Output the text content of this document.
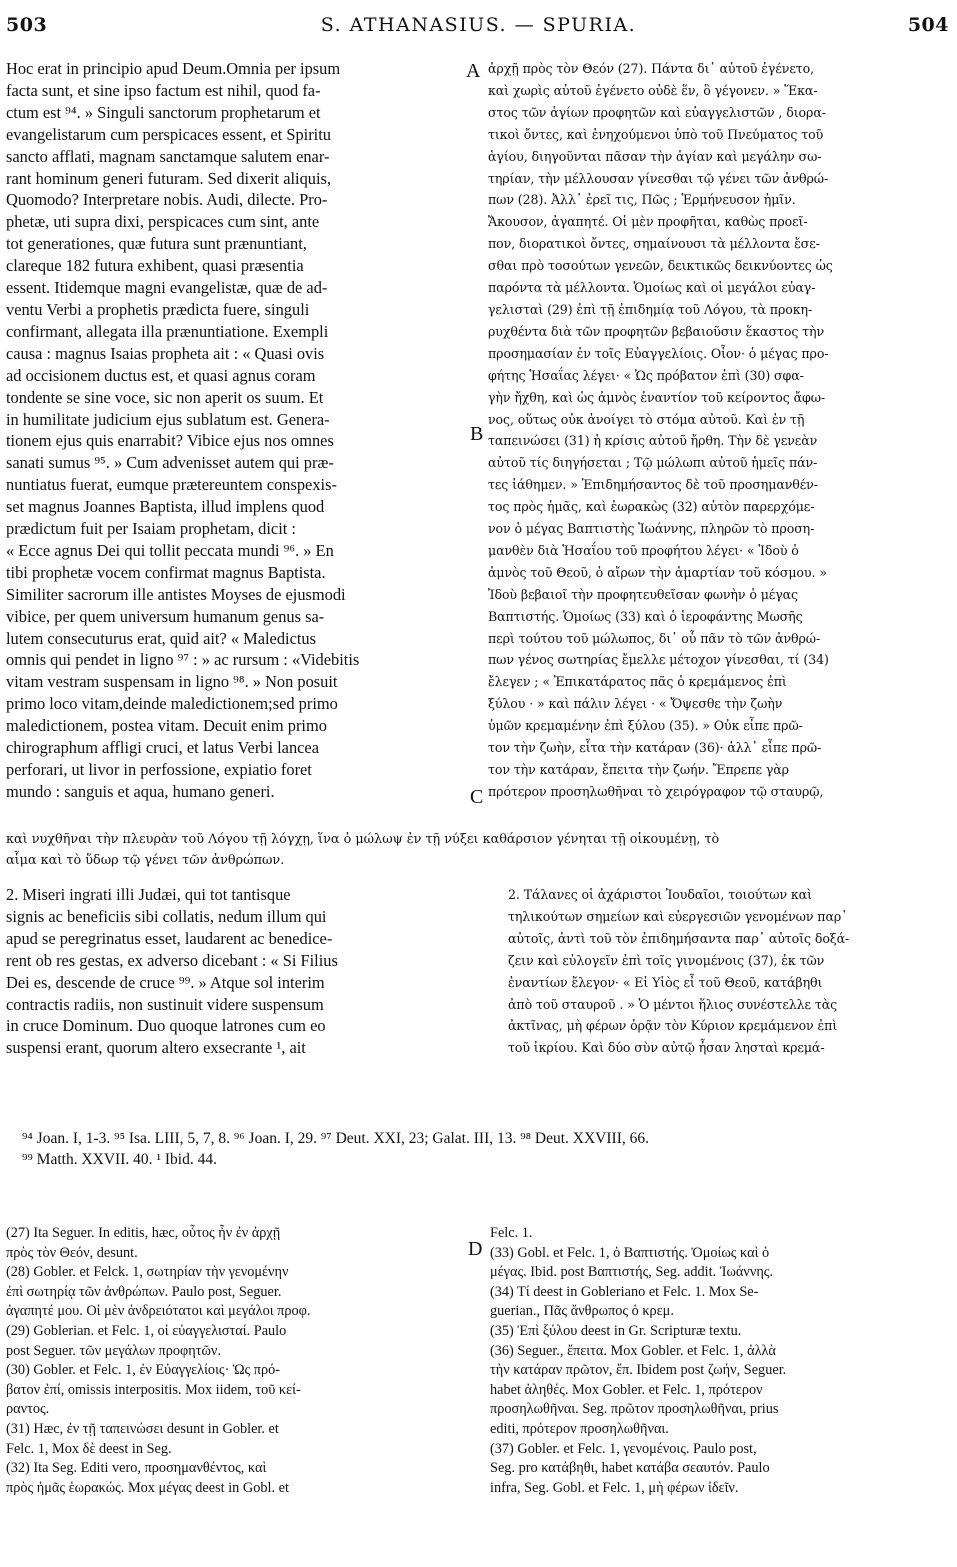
503	S. ATHANASIUS. — SPURIA.	504
Hoc erat in principio apud Deum.Omnia per ipsum
facta sunt, et sine ipso factum est nihil, quod fa-
ctum est ⁹⁴. » Singuli sanctorum prophetarum et
evangelistarum cum perspicaces essent, et Spiritu
sancto afflati, magnam sanctamque salutem enar-
rant hominum generi futuram. Sed dixerit aliquis,
Quomodo? Interpretare nobis. Audi, dilecte. Pro-
phetæ, uti supra dixi, perspicaces cum sint, ante
tot generationes, quæ futura sunt prænuntiant,
clareque 182 futura exhibent, quasi præsentia
essent. Itidemque magni evangelistæ, quæ de ad-
ventu Verbi a prophetis prædicta fuere, singuli
confirmant, allegata illa prænuntiatione. Exempli
causa : magnus Isaias propheta ait : « Quasi ovis
ad occisionem ductus est, et quasi agnus coram
tondente se sine voce, sic non aperit os suum. Et
in humilitate judicium ejus sublatum est. Genera-
tionem ejus quis enarrabit? Vibice ejus nos omnes
sanati sumus ⁹⁵. » Cum advenisset autem qui præ-
nuntiatus fuerat, eumque prætereuntem conspexis-
set magnus Joannes Baptista, illud implens quod
prædictum fuit per Isaiam prophetam, dicit :
« Ecce agnus Dei qui tollit peccata mundi ⁹⁶. » En
tibi prophetæ vocem confirmat magnus Baptista.
Similiter sacrorum ille antistes Moyses de ejusmodi
vibice, per quem universum humanum genus sa-
lutem consecuturus erat, quid ait? « Maledictus
omnis qui pendet in ligno ⁹⁷ : » ac rursum : «Videbitis
vitam vestram suspensam in ligno ⁹⁸. » Non posuit
primo loco vitam,deinde maledictionem;sed primo
maledictionem, postea vitam. Decuit enim primo
chirographum affligi cruci, et latus Verbi lancea
perforari, ut livor in perfossione, expiatio foret
mundo : sanguis et aqua, humano generi.
A
B
C
D
ἀρχῇ πρὸς τὸν Θεόν (27). Πάντα δι᾽ αὐτοῦ ἐγένετο,
καὶ χωρὶς αὐτοῦ ἐγένετο οὐδὲ ἕν, ὃ γέγονεν. » Ἕκα-
στος τῶν ἁγίων προφητῶν καὶ εὐαγγελιστῶν , διορα-
τικοὶ ὄντες, καὶ ἐνηχούμενοι ὑπὸ τοῦ Πνεύματος τοῦ
ἁγίου, διηγοῦνται πᾶσαν τὴν ἁγίαν καὶ μεγάλην σω-
τηρίαν, τὴν μέλλουσαν γίνεσθαι τῷ γένει τῶν ἀνθρώ-
πων (28). Ἀλλ᾽ ἐρεῖ τις, Πῶς ; Ἑρμήνευσον ἡμῖν.
Ἄκουσον, ἀγαπητέ. Οἱ μὲν προφῆται, καθὼς προεῖ-
πον, διορατικοὶ ὄντες, σημαίνουσι τὰ μέλλοντα ἔσε-
σθαι πρὸ τοσούτων γενεῶν, δεικτικῶς δεικνύοντες ὡς
παρόντα τὰ μέλλοντα. Ὁμοίως καὶ οἱ μεγάλοι εὐαγ-
γελισταὶ (29) ἐπὶ τῇ ἐπιδημίᾳ τοῦ Λόγου, τὰ προκη-
ρυχθέντα διὰ τῶν προφητῶν βεβαιοῦσιν ἕκαστος τὴν
προσημασίαν ἐν τοῖς Εὐαγγελίοις. Οἷον· ὁ μέγας προ-
φήτης Ἡσαΐας λέγει· « Ὡς πρόβατον ἐπὶ (30) σφα-
γὴν ἤχθη, καὶ ὡς ἀμνὸς ἐναντίον τοῦ κείροντος ἄφω-
νος, οὕτως οὐκ ἀνοίγει τὸ στόμα αὐτοῦ. Καὶ ἐν τῇ
ταπεινώσει (31) ἡ κρίσις αὐτοῦ ἤρθη. Τὴν δὲ γενεὰν
αὐτοῦ τίς διηγήσεται ; Τῷ μώλωπι αὐτοῦ ἡμεῖς πάν-
τες ἰάθημεν. » Ἐπιδημήσαντος δὲ τοῦ προσημανθέν-
τος πρὸς ἡμᾶς, καὶ ἑωρακὼς (32) αὐτὸν παρερχόμε-
νον ὁ μέγας Βαπτιστὴς Ἰωάννης, πληρῶν τὸ προση-
μανθὲν διὰ Ἡσαΐου τοῦ προφήτου λέγει· « Ἰδοὺ ὁ
ἀμνὸς τοῦ Θεοῦ, ὁ αἴρων τὴν ἁμαρτίαν τοῦ κόσμου. »
Ἰδοὺ βεβαιοῖ τὴν προφητευθεῖσαν φωνὴν ὁ μέγας
Βαπτιστής. Ὁμοίως (33) καὶ ὁ ἱεροφάντης Μωσῆς
περὶ τούτου τοῦ μώλωπος, δι᾽ οὗ πᾶν τὸ τῶν ἀνθρώ-
πων γένος σωτηρίας ἔμελλε μέτοχον γίνεσθαι, τί (34)
ἔλεγεν ; « Ἐπικατάρατος πᾶς ὁ κρεμάμενος ἐπὶ
ξύλου · » καὶ πάλιν λέγει · « Ὄψεσθε τὴν ζωὴν
ὑμῶν κρεμαμένην ἐπὶ ξύλου (35). » Οὐκ εἶπε πρῶ-
τον τὴν ζωὴν, εἶτα τὴν κατάραν (36)· ἀλλ᾽ εἶπε πρῶ-
τον τὴν κατάραν, ἔπειτα τὴν ζωήν. Ἔπρεπε γὰρ
πρότερον προσηλωθῆναι τὸ χειρόγραφον τῷ σταυρῷ,
καὶ νυχθῆναι τὴν πλευρὰν τοῦ Λόγου τῇ λόγχῃ, ἵνα ὁ μώλωψ ἐν τῇ νύξει καθάρσιον γένηται τῇ οἰκουμένῃ, τὸ
αἷμα καὶ τὸ ὕδωρ τῷ γένει τῶν ἀνθρώπων.
2. Miseri ingrati illi Judæi, qui tot tantisque
signis ac beneficiis sibi collatis, nedum illum qui
apud se peregrinatus esset, laudarent ac benedice-
rent ob res gestas, ex adverso dicebant : « Si Filius
Dei es, descende de cruce ⁹⁹. » Atque sol interim
contractis radiis, non sustinuit videre suspensum
in cruce Dominum. Duo quoque latrones cum eo
suspensi erant, quorum altero exsecrante ¹, ait
2. Τάλανες οἱ ἀχάριστοι Ἰουδαῖοι, τοιούτων καὶ
τηλικούτων σημείων καὶ εὐεργεσιῶν γενομένων παρ᾽
αὐτοῖς, ἀντὶ τοῦ τὸν ἐπιδημήσαντα παρ᾽ αὐτοῖς δοξά-
ζειν καὶ εὐλογεῖν ἐπὶ τοῖς γινομένοις (37), ἐκ τῶν
ἐναντίων ἔλεγον· « Εἰ Υἱὸς εἶ τοῦ Θεοῦ, κατάβηθι
ἀπὸ τοῦ σταυροῦ . » Ὁ μέντοι ἥλιος συνέστελλε τὰς
ἀκτῖνας, μὴ φέρων ὁρᾷν τὸν Κύριον κρεμάμενον ἐπὶ
τοῦ ἰκρίου. Καὶ δύο σὺν αὐτῷ ἦσαν λησταὶ κρεμά-
⁹⁴ Joan. I, 1-3. ⁹⁵ Isa. LIII, 5, 7, 8. ⁹⁶ Joan. I, 29. ⁹⁷ Deut. XXI, 23; Galat. III, 13. ⁹⁸ Deut. XXVIII, 66.
⁹⁹ Matth. XXVII. 40. ¹ Ibid. 44.
(27) Ita Seguer. In editis, hæc, οὗτος ἦν ἐν ἀρχῇ
πρὸς τὸν Θεόν, desunt.
(28) Gobler. et Felck. 1, σωτηρίαν τὴν γενομένην
ἐπὶ σωτηρίᾳ τῶν ἀνθρώπων. Paulo post, Seguer.
ἀγαπητέ μου. Οἱ μὲν ἀνδρειότατοι καὶ μεγάλοι προφ.
(29) Goblerian. et Felc. 1, οἱ εὐαγγελισταί. Paulo
post Seguer. τῶν μεγάλων προφητῶν.
(30) Gobler. et Felc. 1, ἐν Εὐαγγελίοις· Ὡς πρό-
βατον ἐπί, omissis interpositis. Mox iidem, τοῦ κεί-
ραντος.
(31) Hæc, ἐν τῇ ταπεινώσει desunt in Gobler. et
Felc. 1, Mox δὲ deest in Seg.
(32) Ita Seg. Editi vero, προσημανθέντος, καὶ
πρὸς ἡμᾶς ἑωρακώς. Mox μέγας deest in Gobl. et
Felc. 1.
(33) Gobl. et Felc. 1, ὁ Βαπτιστής. Ὁμοίως καὶ ὁ
μέγας. Ibid. post Βαπτιστής, Seg. addit. Ἰωάννης.
(34) Τί deest in Gobleriano et Felc. 1. Mox Se-
guerian., Πᾶς ἄνθρωπος ὁ κρεμ.
(35) Ἐπὶ ξύλου deest in Gr. Scripturæ textu.
(36) Seguer., ἔπειτα. Mox Gobler. et Felc. 1, ἀλλὰ
τὴν κατάραν πρῶτον, ἔπ. Ibidem post ζωήν, Seguer.
habet ἀληθές. Mox Gobler. et Felc. 1, πρότερον
προσηλωθῆναι. Seg. πρῶτον προσηλωθῆναι, prius
editi, πρότερον προσηλωθῆναι.
(37) Gobler. et Felc. 1, γενομένοις. Paulo post,
Seg. pro κατάβηθι, habet κατάβα σεαυτόν. Paulo
infra, Seg. Gobl. et Felc. 1, μὴ φέρων ἰδεῖν.
